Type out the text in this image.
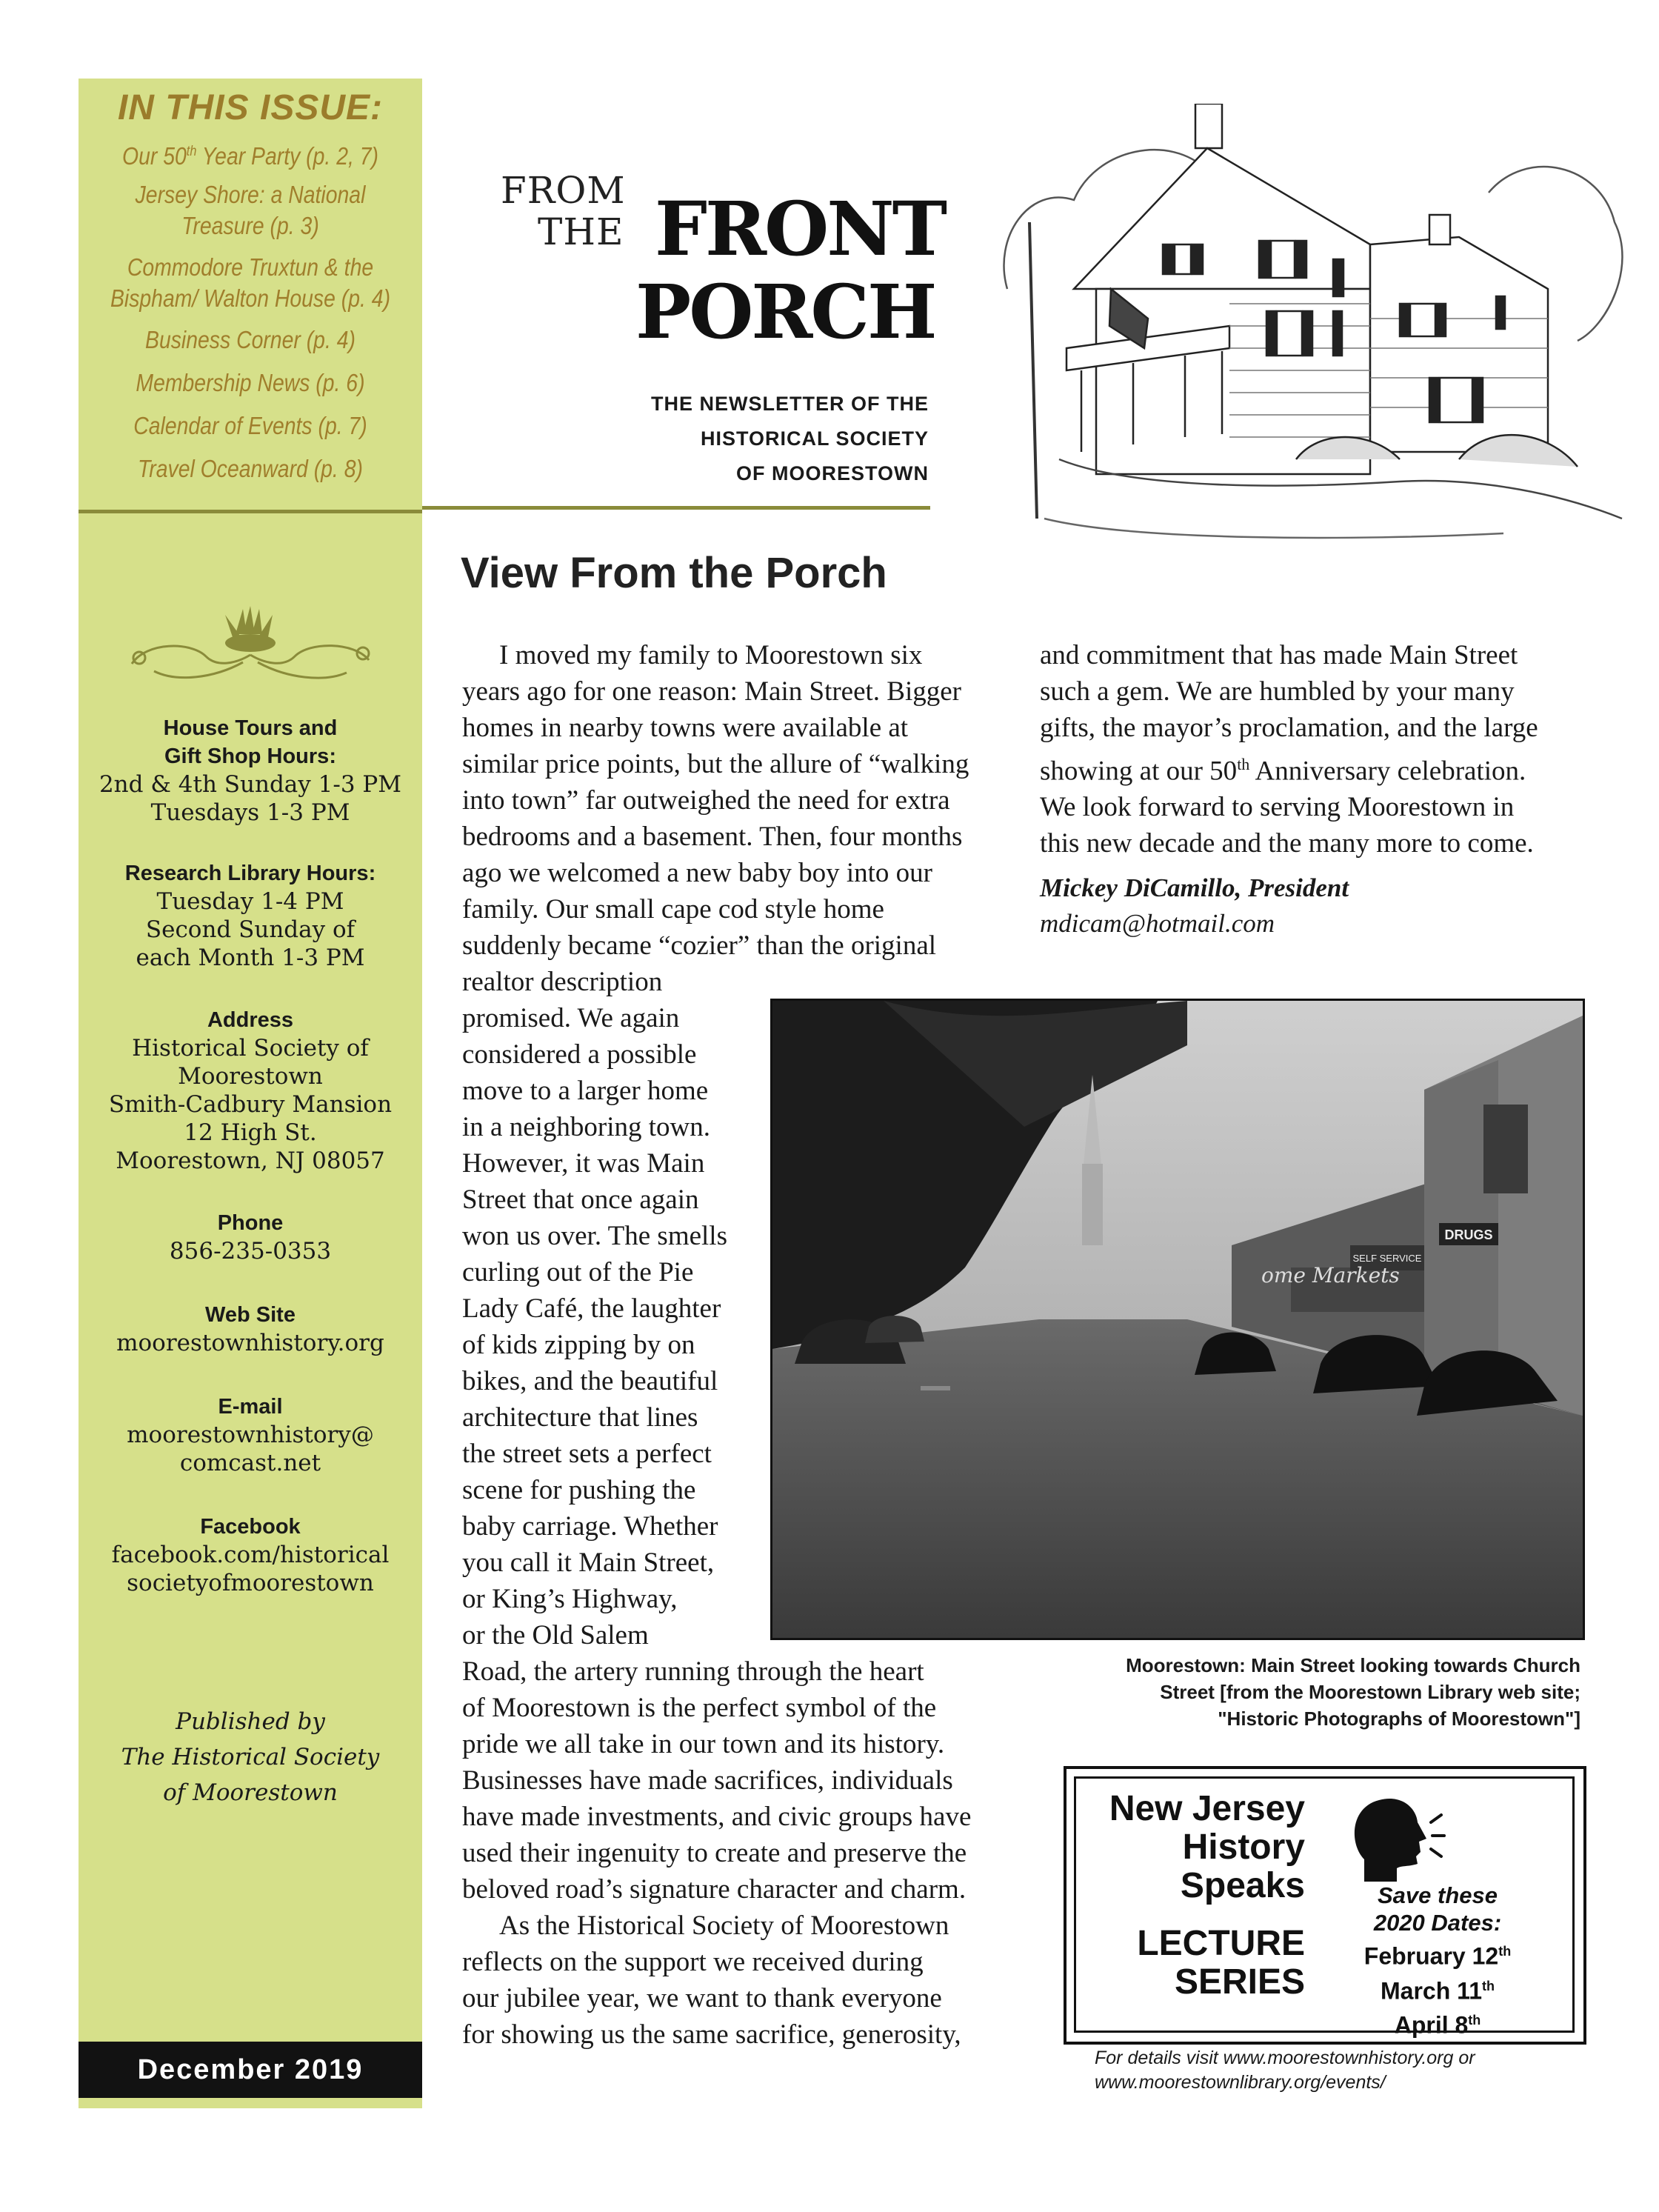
IN THIS ISSUE:
Our 50th Year Party (p. 2, 7)
Jersey Shore: a National
Treasure (p. 3)
Commodore Truxtun & the
Bispham/ Walton House (p. 4)
Business Corner (p. 4)
Membership News (p. 6)
Calendar of Events (p. 7)
Travel Oceanward (p. 8)
House Tours and
Gift Shop Hours:
2nd & 4th Sunday 1-3 PM
Tuesdays 1-3 PM
Research Library Hours:
Tuesday 1-4 PM
Second Sunday of
each Month 1-3 PM
Address
Historical Society of
Moorestown
Smith-Cadbury Mansion
12 High St.
Moorestown, NJ 08057
Phone
856-235-0353
Web Site
moorestownhistory.org
E-mail
moorestownhistory@
comcast.net
Facebook
facebook.com/historical
societyofmoorestown
Published by
The Historical Society
of Moorestown
December 2019
FROM
THE FRONT
PORCH
THE NEWSLETTER OF THE
HISTORICAL SOCIETY
OF MOORESTOWN
View From the Porch

I moved my family to Moorestown six

years ago for one reason: Main Street. Bigger

homes in nearby towns were available at

similar price points, but the allure of “walking

into town” far outweighed the need for extra

bedrooms and a basement. Then, four months

ago we welcomed a new baby boy into our

family. Our small cape cod style home

suddenly became “cozier” than the original

realtor description

promised. We again

considered a possible

move to a larger home

in a neighboring town.

However, it was Main

Street that once again

won us over. The smells

curling out of the Pie

Lady Café, the laughter

of kids zipping by on

bikes, and the beautiful

architecture that lines

the street sets a perfect

scene for pushing the

baby carriage. Whether

you call it Main Street,

or King’s Highway,

or the Old Salem

Road, the artery running through the heart

of Moorestown is the perfect symbol of the

pride we all take in our town and its history.

Businesses have made sacrifices, individuals

have made investments, and civic groups have

used their ingenuity to create and preserve the

beloved road’s signature character and charm.

As the Historical Society of Moorestown

reflects on the support we received during

our jubilee year, we want to thank everyone

for showing us the same sacrifice, generosity,

and commitment that has made Main Street

such a gem. We are humbled by your many

gifts, the mayor’s proclamation, and the large

showing at our 50th Anniversary celebration.

We look forward to serving Moorestown in

this new decade and the many more to come.

Mickey DiCamillo, President

mdicam@hotmail.com

DRUGS
SELF SERVICE
ome Markets
Moorestown: Main Street looking towards Church
Street [from the Moorestown Library web site;
"Historic Photographs of Moorestown"]
New Jersey
History
Speaks
LECTURE
SERIES
Save these
2020 Dates:
February 12th
March 11th
April 8th
For details visit www.moorestownhistory.org or
www.moorestownlibrary.org/events/
